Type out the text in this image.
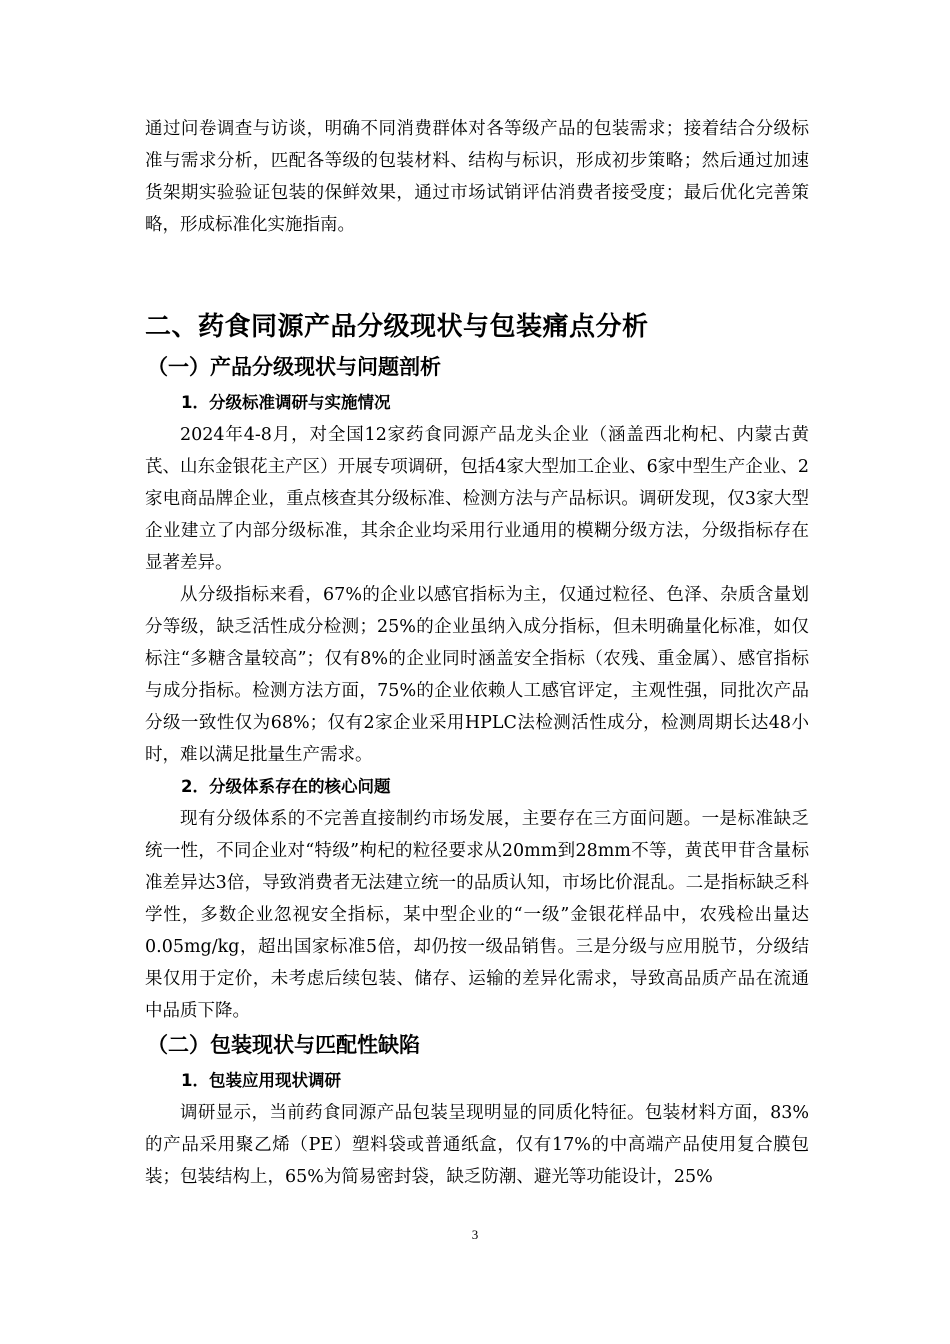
通过问卷调查与访谈，明确不同消费群体对各等级产品的包装需求；接着结合分级标准与需求分析，匹配各等级的包装材料、结构与标识，形成初步策略；然后通过加速货架期实验验证包装的保鲜效果，通过市场试销评估消费者接受度；最后优化完善策略，形成标准化实施指南。

二、药食同源产品分级现状与包装痛点分析
（一）产品分级现状与问题剖析
1．分级标准调研与实施情况

2024年4-8月，对全国12家药食同源产品龙头企业（涵盖西北枸杞、内蒙古黄芪、山东金银花主产区）开展专项调研，包括4家大型加工企业、6家中型生产企业、2家电商品牌企业，重点核查其分级标准、检测方法与产品标识。调研发现，仅3家大型企业建立了内部分级标准，其余企业均采用行业通用的模糊分级方法，分级指标存在显著差异。

从分级指标来看，67%的企业以感官指标为主，仅通过粒径、色泽、杂质含量划分等级，缺乏活性成分检测；25%的企业虽纳入成分指标，但未明确量化标准，如仅标注“多糖含量较高”；仅有8%的企业同时涵盖安全指标（农残、重金属）、感官指标与成分指标。检测方法方面，75%的企业依赖人工感官评定，主观性强，同批次产品分级一致性仅为68%；仅有2家企业采用HPLC法检测活性成分，检测周期长达48小时，难以满足批量生产需求。

2．分级体系存在的核心问题

现有分级体系的不完善直接制约市场发展，主要存在三方面问题。一是标准缺乏统一性，不同企业对“特级”枸杞的粒径要求从20mm到28mm不等，黄芪甲苷含量标准差异达3倍，导致消费者无法建立统一的品质认知，市场比价混乱。二是指标缺乏科学性，多数企业忽视安全指标，某中型企业的“一级”金银花样品中，农残检出量达0.05mg/kg，超出国家标准5倍，却仍按一级品销售。三是分级与应用脱节，分级结果仅用于定价，未考虑后续包装、储存、运输的差异化需求，导致高品质产品在流通中品质下降。

（二）包装现状与匹配性缺陷
1．包装应用现状调研

调研显示，当前药食同源产品包装呈现明显的同质化特征。包装材料方面，83%的产品采用聚乙烯（PE）塑料袋或普通纸盒，仅有17%的中高端产品使用复合膜包装；包装结构上，65%为简易密封袋，缺乏防潮、避光等功能设计，25%

3
